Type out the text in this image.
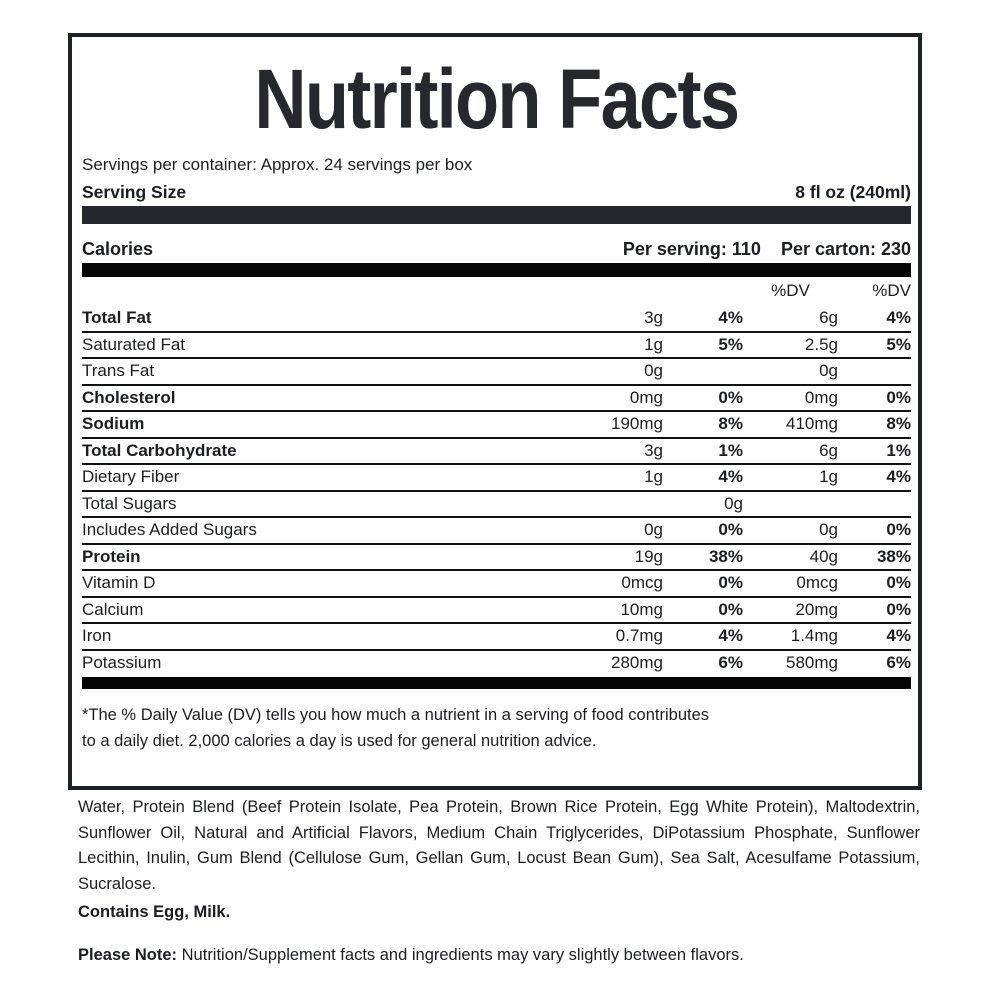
Nutrition Facts
Servings per container: Approx. 24 servings per box
Serving Size	8 fl oz (240ml)
Calories	Per serving: 110 Per carton: 230
			%DV	%DV
Total Fat	3g	4%	6g	4%
Saturated Fat	1g	5%	2.5g	5%
Trans Fat	0g		0g	
Cholesterol	0mg	0%	0mg	0%
Sodium	190mg	8%	410mg	8%
Total Carbohydrate	3g	1%	6g	1%
Dietary Fiber	1g	4%	1g	4%
Total Sugars		0g		
Includes Added Sugars	0g	0%	0g	0%
Protein	19g	38%	40g	38%
Vitamin D	0mcg	0%	0mcg	0%
Calcium	10mg	0%	20mg	0%
Iron	0.7mg	4%	1.4mg	4%
Potassium	280mg	6%	580mg	6%
*The % Daily Value (DV) tells you how much a nutrient in a serving of food contributes to a daily diet. 2,000 calories a day is used for general nutrition advice.
Water, Protein Blend (Beef Protein Isolate, Pea Protein, Brown Rice Protein, Egg White Protein), Maltodextrin, Sunflower Oil, Natural and Artificial Flavors, Medium Chain Triglycerides, DiPotassium Phosphate, Sunflower Lecithin, Inulin, Gum Blend (Cellulose Gum, Gellan Gum, Locust Bean Gum), Sea Salt, Acesulfame Potassium, Sucralose.
Contains Egg, Milk.
Please Note: Nutrition/Supplement facts and ingredients may vary slightly between flavors.
